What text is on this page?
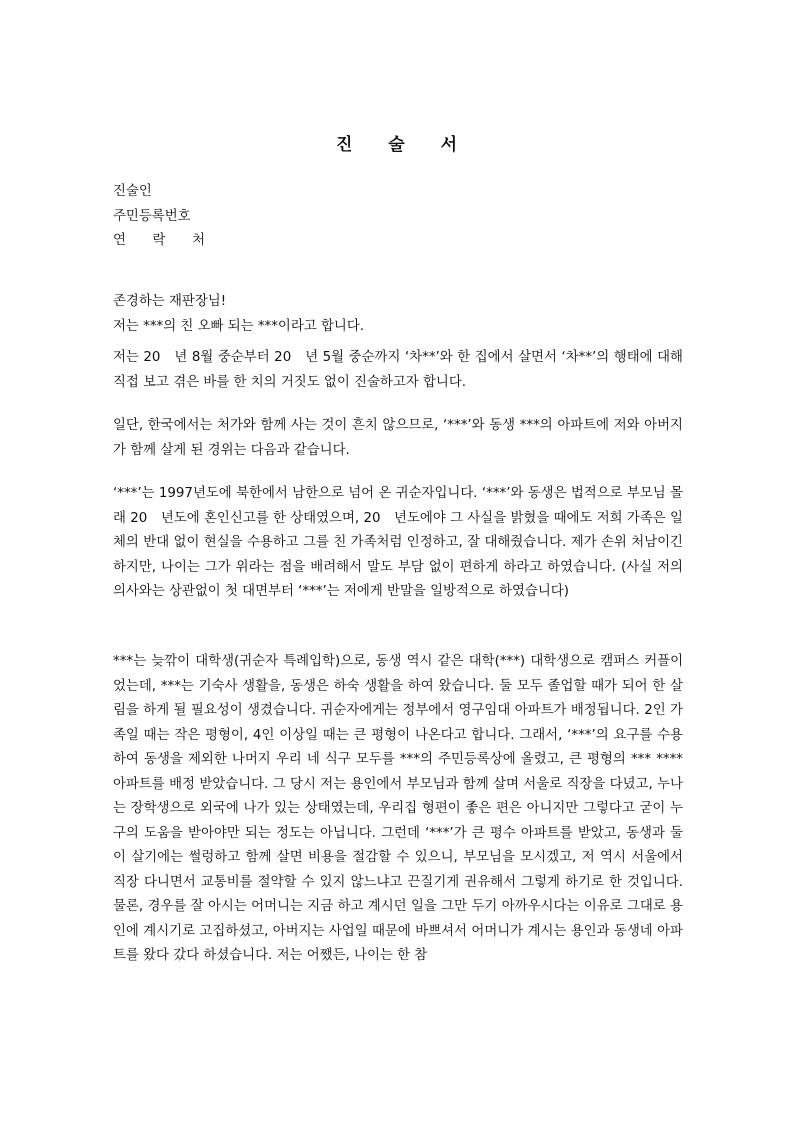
진 술 서
진술인
주민등록번호
연 락 처
존경하는 재판장님!
저는 ***의 친 오빠 되는 ***이라고 합니다.

저는 20　년 8월 중순부터 20　년 5월 중순까지 ‘차**’와 한 집에서 살면서 ‘차**’의 행태에 대해 직접 보고 겪은 바를 한 치의 거짓도 없이 진술하고자 합니다.

일단, 한국에서는 처가와 함께 사는 것이 흔치 않으므로, ‘***’와 동생 ***의 아파트에 저와 아버지가 함께 살게 된 경위는 다음과 같습니다.

‘***’는 1997년도에 북한에서 남한으로 넘어 온 귀순자입니다. ‘***’와 동생은 법적으로 부모님 몰래 20　년도에 혼인신고를 한 상태였으며, 20　년도에야 그 사실을 밝혔을 때에도 저희 가족은 일체의 반대 없이 현실을 수용하고 그를 친 가족처럼 인정하고, 잘 대해줬습니다. 제가 손위 처남이긴 하지만, 나이는 그가 위라는 점을 배려해서 말도 부담 없이 편하게 하라고 하였습니다. (사실 저의 의사와는 상관없이 첫 대면부터 ‘***’는 저에게 반말을 일방적으로 하였습니다)

***는 늦깎이 대학생(귀순자 특례입학)으로, 동생 역시 같은 대학(***) 대학생으로 캠퍼스 커플이었는데, ***는 기숙사 생활을, 동생은 하숙 생활을 하여 왔습니다. 둘 모두 졸업할 때가 되어 한 살림을 하게 될 필요성이 생겼습니다. 귀순자에게는 정부에서 영구임대 아파트가 배정됩니다. 2인 가족일 때는 작은 평형이, 4인 이상일 때는 큰 평형이 나온다고 합니다. 그래서, ‘***’의 요구를 수용하여 동생을 제외한 나머지 우리 네 식구 모두를 ***의 주민등록상에 올렸고, 큰 평형의 *** **** 아파트를 배정 받았습니다. 그 당시 저는 용인에서 부모님과 함께 살며 서울로 직장을 다녔고, 누나는 장학생으로 외국에 나가 있는 상태였는데, 우리집 형편이 좋은 편은 아니지만 그렇다고 굳이 누구의 도움을 받아야만 되는 정도는 아닙니다. 그런데 ‘***’가 큰 평수 아파트를 받았고, 동생과 둘이 살기에는 썰렁하고 함께 살면 비용을 절감할 수 있으니, 부모님을 모시겠고, 저 역시 서울에서 직장 다니면서 교통비를 절약할 수 있지 않느냐고 끈질기게 권유해서 그렇게 하기로 한 것입니다. 물론, 경우를 잘 아시는 어머니는 지금 하고 계시던 일을 그만 두기 아까우시다는 이유로 그대로 용인에 계시기로 고집하셨고, 아버지는 사업일 때문에 바쁘셔서 어머니가 계시는 용인과 동생네 아파트를 왔다 갔다 하셨습니다. 저는 어쨌든, 나이는 한 참
